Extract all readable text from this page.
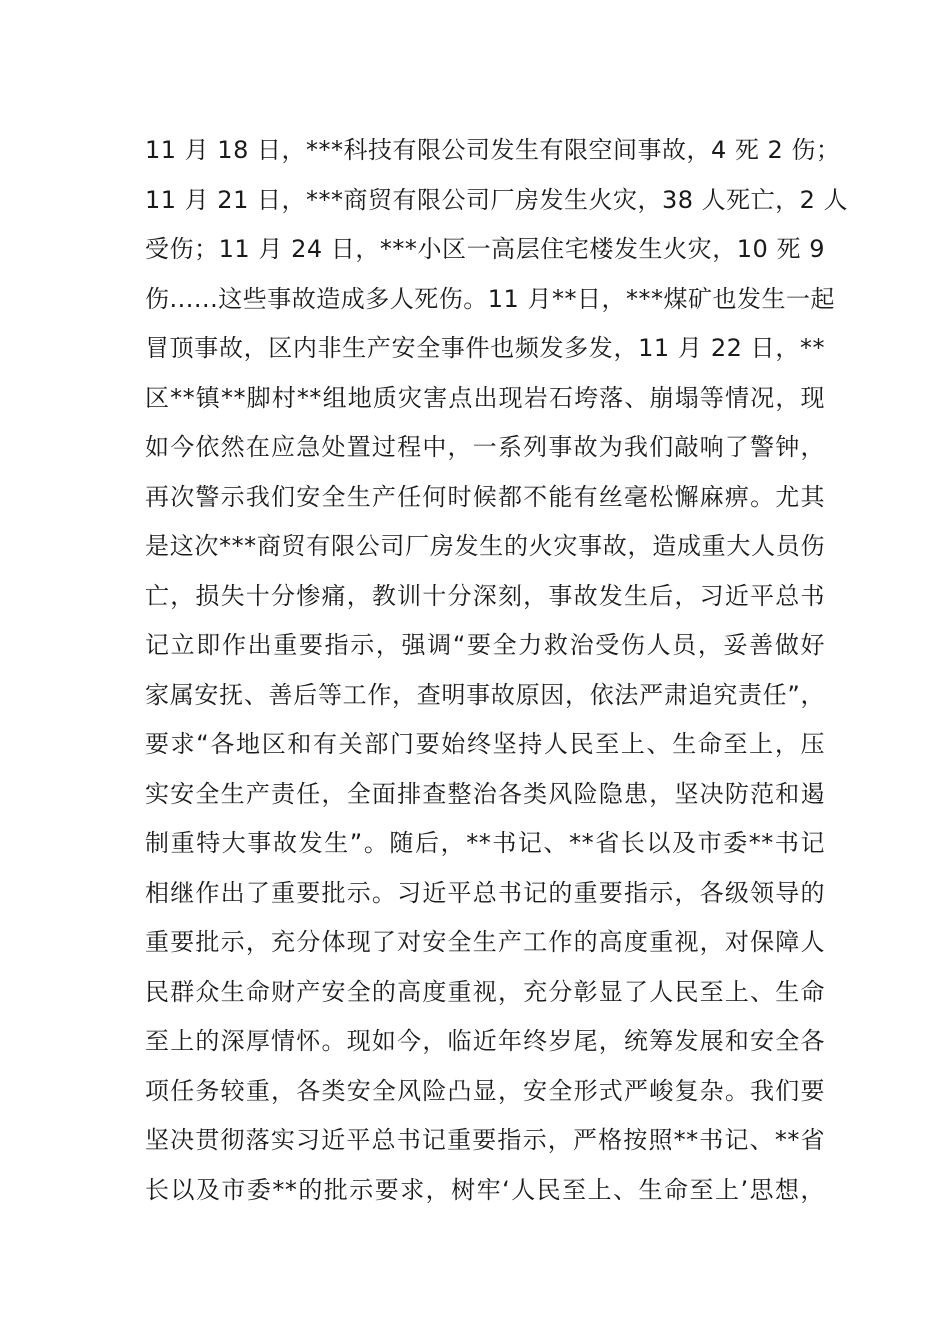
11 月 18 日，***科技有限公司发生有限空间事故，4 死 2 伤；
11 月 21 日，***商贸有限公司厂房发生火灾，38 人死亡，2 人
受伤；11 月 24 日，***小区一高层住宅楼发生火灾，10 死 9
伤......这些事故造成多人死伤。11 月**日，***煤矿也发生一起
冒顶事故，区内非生产安全事件也频发多发，11 月 22 日，**
区**镇**脚村**组地质灾害点出现岩石垮落、崩塌等情况，现
如今依然在应急处置过程中，一系列事故为我们敲响了警钟，
再次警示我们安全生产任何时候都不能有丝毫松懈麻痹。尤其
是这次***商贸有限公司厂房发生的火灾事故，造成重大人员伤
亡，损失十分惨痛，教训十分深刻，事故发生后，习近平总书
记立即作出重要指示，强调“要全力救治受伤人员，妥善做好
家属安抚、善后等工作，查明事故原因，依法严肃追究责任”，
要求“各地区和有关部门要始终坚持人民至上、生命至上，压
实安全生产责任，全面排查整治各类风险隐患，坚决防范和遏
制重特大事故发生”。随后，**书记、**省长以及市委**书记
相继作出了重要批示。习近平总书记的重要指示，各级领导的
重要批示，充分体现了对安全生产工作的高度重视，对保障人
民群众生命财产安全的高度重视，充分彰显了人民至上、生命
至上的深厚情怀。现如今，临近年终岁尾，统筹发展和安全各
项任务较重，各类安全风险凸显，安全形式严峻复杂。我们要
坚决贯彻落实习近平总书记重要指示，严格按照**书记、**省
长以及市委**的批示要求，树牢‘人民至上、生命至上’思想，
